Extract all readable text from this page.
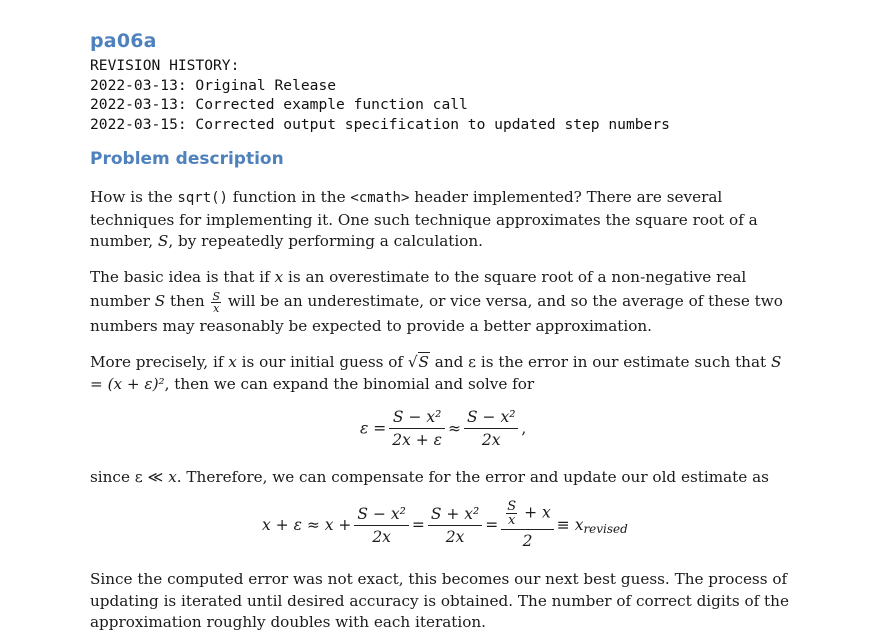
pa06a
REVISION HISTORY:
2022-03-13: Original Release
2022-03-13: Corrected example function call
2022-03-15: Corrected output specification to updated step numbers
Problem description
How is the sqrt() function in the <cmath> header implemented? There are several techniques for implementing it. One such technique approximates the square root of a number, S, by repeatedly performing a calculation.
The basic idea is that if x is an overestimate to the square root of a non-negative real number S then $\frac{S}{x}$ will be an underestimate, or vice versa, and so the average of these two numbers may reasonably be expected to provide a better approximation.
More precisely, if x is our initial guess of √S and ε is the error in our estimate such that S = (x + ε)², then we can expand the binomial and solve for
$\varepsilon = \frac{\text{S − x²}}{2x + \varepsilon} \approx \frac{\text{S − x²}}{2x}$ ,
since ε ≪ x. Therefore, we can compensate for the error and update our old estimate as
$x + \varepsilon \approx x + \frac{\text{S − x²}}{2x} = \frac{\text{S + x²}}{2x} = \frac{\frac{S}{x} + x}{2} \equiv x_{revised}$
Since the computed error was not exact, this becomes our next best guess. The process of updating is iterated until desired accuracy is obtained. The number of correct digits of the approximation roughly doubles with each iteration.
